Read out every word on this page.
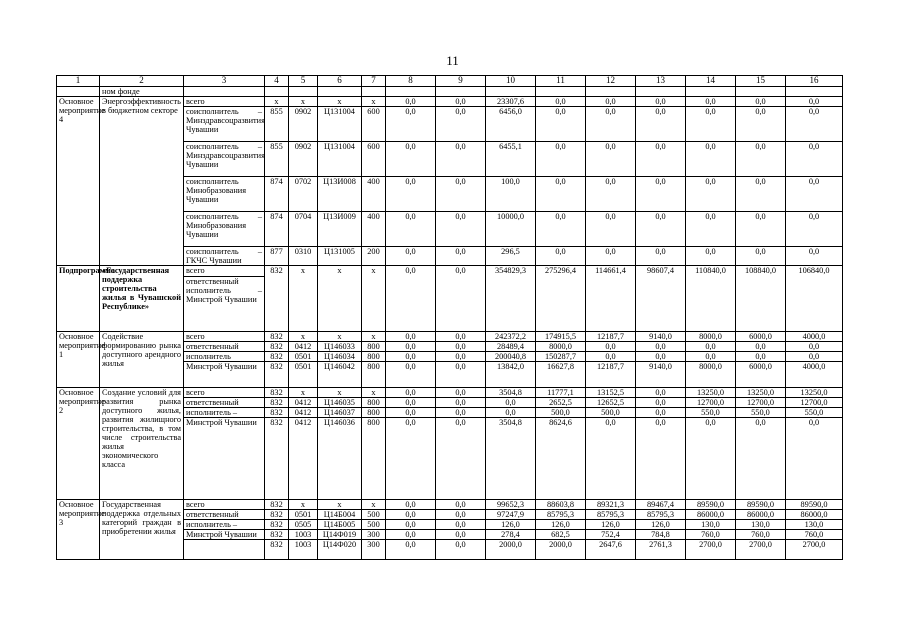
11
1	2	3	4	5	6	7	8	9	10	11	12	13	14	15	16
	ном фонде														
Основное мероприятие 4	Энергоэффективность в бюджетном секторе	всего	х	х	х	х	0,0	0,0	23307,6	0,0	0,0	0,0	0,0	0,0	0,0
		соисполнитель – Минздравсоцразвития Чувашии	855	0902	Ц131004	600	0,0	0,0	6456,0	0,0	0,0	0,0	0,0	0,0	0,0
		соисполнитель – Минздравсоцразвития Чувашии	855	0902	Ц131004	600	0,0	0,0	6455,1	0,0	0,0	0,0	0,0	0,0	0,0
		соисполнитель Минобразования Чувашии	874	0702	Ц13И008	400	0,0	0,0	100,0	0,0	0,0	0,0	0,0	0,0	0,0
		соисполнитель – Минобразования Чувашии	874	0704	Ц13И009	400	0,0	0,0	10000,0	0,0	0,0	0,0	0,0	0,0	0,0
		соисполнитель – ГКЧС Чувашии	877	0310	Ц131005	200	0,0	0,0	296,5	0,0	0,0	0,0	0,0	0,0	0,0
Подпрограмма	«Государственная поддержка строительства жилья в Чувашской Республике»	всего	832	х	х	х	0,0	0,0	354829,3	275296,4	114661,4	98607,4	110840,0	108840,0	106840,0
		ответственный исполнитель – Минстрой Чувашии													
Основное мероприятие 1	Содействие формированию рынка доступного арендного жилья	всего	832	х	х	х	0,0	0,0	242372,2	174915,5	12187,7	9140,0	8000,0	6000,0	4000,0
		ответственный	832	0412	Ц146033	800	0,0	0,0	28489,4	8000,0	0,0	0,0	0,0	0,0	0,0
		исполнитель	832	0501	Ц146034	800	0,0	0,0	200040,8	150287,7	0,0	0,0	0,0	0,0	0,0
		Минстрой Чувашии	832	0501	Ц146042	800	0,0	0,0	13842,0	16627,8	12187,7	9140,0	8000,0	6000,0	4000,0
Основное мероприятие 2	Создание условий для развития рынка доступного жилья, развития жилищного строительства, в том числе строительства жилья экономического класса	всего	832	х	х	х	0,0	0,0	3504,8	11777,1	13152,5	0,0	13250,0	13250,0	13250,0
		ответственный	832	0412	Ц146035	800	0,0	0,0	0,0	2652,5	12652,5	0,0	12700,0	12700,0	12700,0
		исполнитель –	832	0412	Ц146037	800	0,0	0,0	0,0	500,0	500,0	0,0	550,0	550,0	550,0
		Минстрой Чувашии	832	0412	Ц146036	800	0,0	0,0	3504,8	8624,6	0,0	0,0	0,0	0,0	0,0
Основное мероприятие 3	Государственная поддержка отдельных категорий граждан в приобретении жилья	всего	832	х	х	х	0,0	0,0	99652,3	88603,8	89321,3	89467,4	89590,0	89590,0	89590,0
		ответственный	832	0501	Ц14Б004	500	0,0	0,0	97247,9	85795,3	85795,3	85795,3	86000,0	86000,0	86000,0
		исполнитель –	832	0505	Ц14Б005	500	0,0	0,0	126,0	126,0	126,0	126,0	130,0	130,0	130,0
		Минстрой Чувашии	832	1003	Ц14Ф019	300	0,0	0,0	278,4	682,5	752,4	784,8	760,0	760,0	760,0
			832	1003	Ц14Ф020	300	0,0	0,0	2000,0	2000,0	2647,6	2761,3	2700,0	2700,0	2700,0
